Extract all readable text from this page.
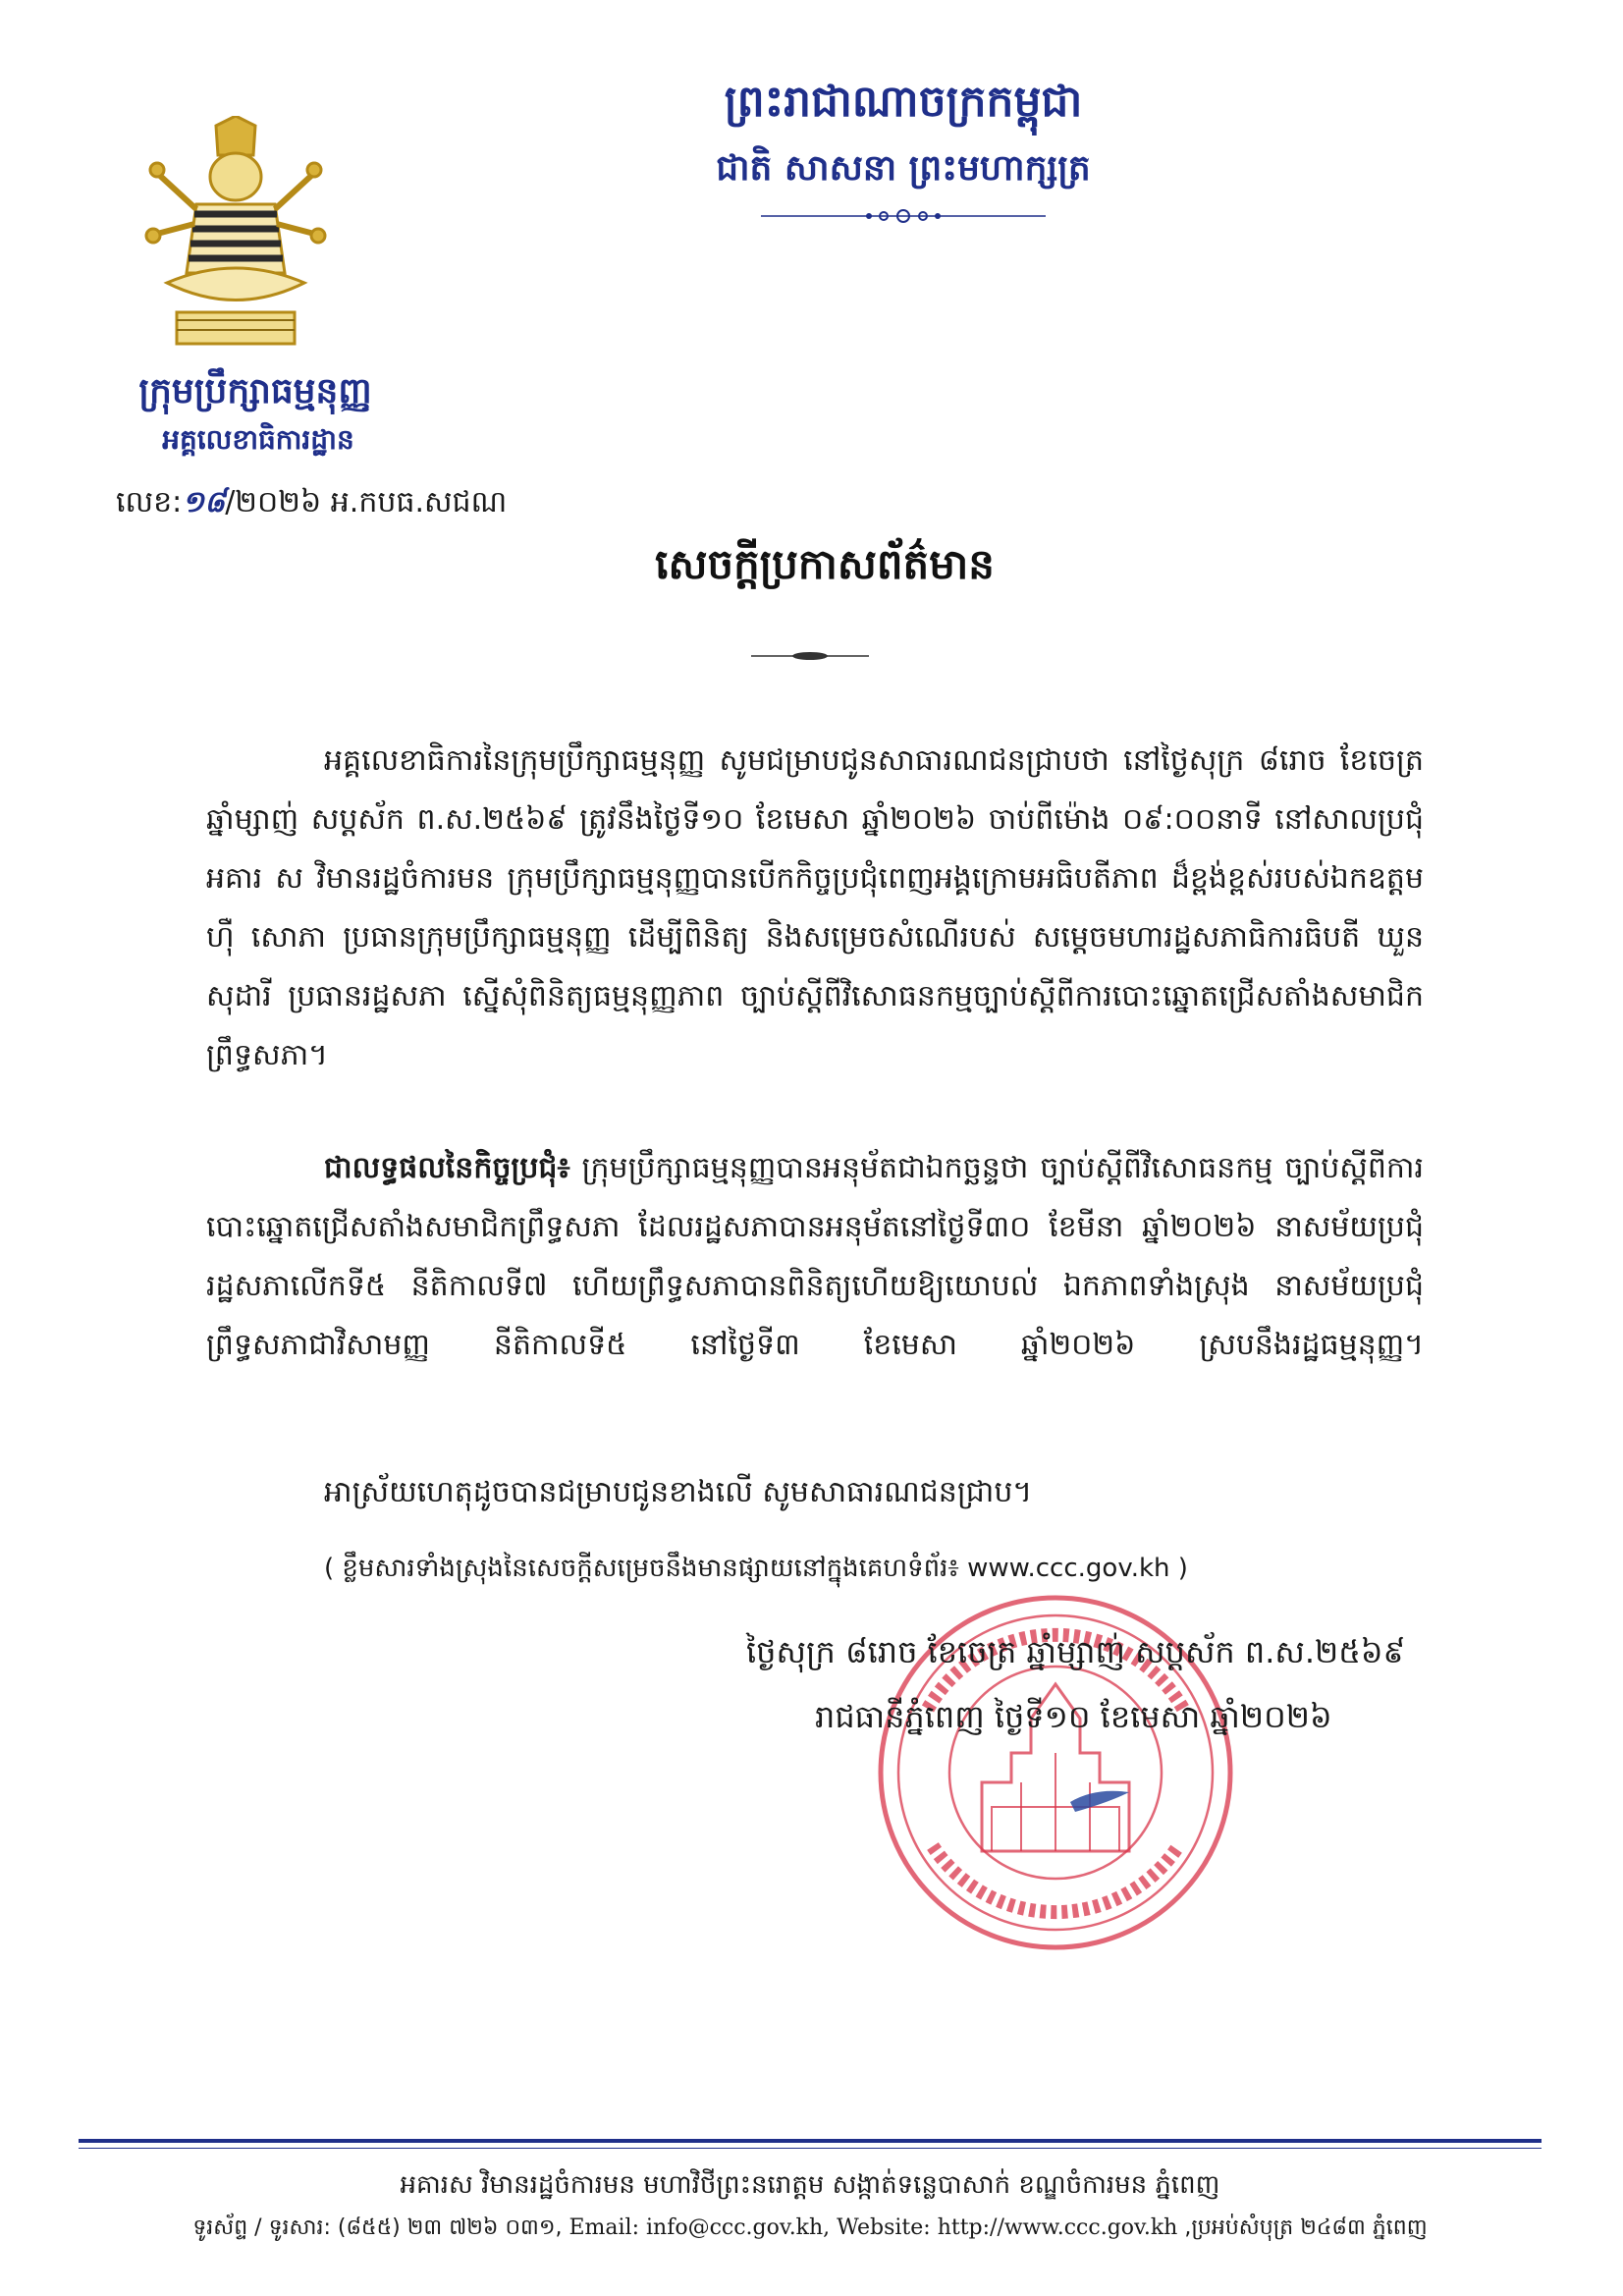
ក្រុមប្រឹក្សាធម្មនុញ្ញ
អគ្គលេខាធិការដ្ឋាន
លេខ:១៨/២០២៦ អ.កបធ.សជណ
ព្រះរាជាណាចក្រកម្ពុជា
ជាតិ សាសនា ព្រះមហាក្សត្រ
សេចក្តីប្រកាសព័ត៌មាន
អគ្គលេខាធិការនៃក្រុមប្រឹក្សាធម្មនុញ្ញ សូមជម្រាបជូនសាធារណជនជ្រាបថា នៅថ្ងៃសុក្រ ៨រោច ខែចេត្រ ឆ្នាំម្សាញ់ សប្តស័ក ព.ស.២៥៦៩ ត្រូវនឹងថ្ងៃទី១០ ខែមេសា ឆ្នាំ២០២៦ ចាប់ពីម៉ោង ០៩:០០នាទី នៅសាលប្រជុំអគារ ស វិមានរដ្ឋចំការមន ក្រុមប្រឹក្សាធម្មនុញ្ញបានបើកកិច្ចប្រជុំពេញអង្គក្រោមអធិបតីភាព ដ៏ខ្ពង់ខ្ពស់របស់ឯកឧត្តម ហ៊ឺ សោភា ប្រធានក្រុមប្រឹក្សាធម្មនុញ្ញ ដើម្បីពិនិត្យ និងសម្រេចសំណើរបស់ សម្តេចមហារដ្ឋសភាធិការធិបតី ឃួន សុដារី ប្រធានរដ្ឋសភា ស្នើសុំពិនិត្យធម្មនុញ្ញភាព ច្បាប់ស្តីពីវិសោធនកម្មច្បាប់ស្តីពីការបោះឆ្នោតជ្រើសតាំងសមាជិកព្រឹទ្ធសភា។
ជាលទ្ធផលនៃកិច្ចប្រជុំ៖ ក្រុមប្រឹក្សាធម្មនុញ្ញបានអនុម័តជាឯកច្ឆន្ទថា ច្បាប់ស្តីពីវិសោធនកម្ម ច្បាប់ស្តីពីការបោះឆ្នោតជ្រើសតាំងសមាជិកព្រឹទ្ធសភា ដែលរដ្ឋសភាបានអនុម័តនៅថ្ងៃទី៣០ ខែមីនា ឆ្នាំ២០២៦ នាសម័យប្រជុំរដ្ឋសភាលើកទី៥ នីតិកាលទី៧ ហើយព្រឹទ្ធសភាបានពិនិត្យហើយឱ្យយោបល់ ឯកភាពទាំងស្រុង នាសម័យប្រជុំព្រឹទ្ធសភាជាវិសាមញ្ញ នីតិកាលទី៥ នៅថ្ងៃទី៣ ខែមេសា ឆ្នាំ២០២៦ ស្របនឹងរដ្ឋធម្មនុញ្ញ។
អាស្រ័យហេតុដូចបានជម្រាបជូនខាងលើ សូមសាធារណជនជ្រាប។
( ខ្លឹមសារទាំងស្រុងនៃសេចក្តីសម្រេចនឹងមានផ្សាយនៅក្នុងគេហទំព័រ៖ www.ccc.gov.kh )
ថ្ងៃសុក្រ ៨រោច ខែចេត្រ ឆ្នាំម្សាញ់ សប្តស័ក ព.ស.២៥៦៩
រាជធានីភ្នំពេញ ថ្ងៃទី១០ ខែមេសា ឆ្នាំ២០២៦
អគារស វិមានរដ្ឋចំការមន មហាវិថីព្រះនរោត្តម សង្កាត់ទន្លេបាសាក់ ខណ្ឌចំការមន ភ្នំពេញ
ទូរស័ព្ទ / ទូរសារ: (៨៥៥) ២៣ ៧២៦ ០៣១, Email: info@ccc.gov.kh, Website: http://www.ccc.gov.kh ,ប្រអប់សំបុត្រ ២៤៨៣ ភ្នំពេញ
